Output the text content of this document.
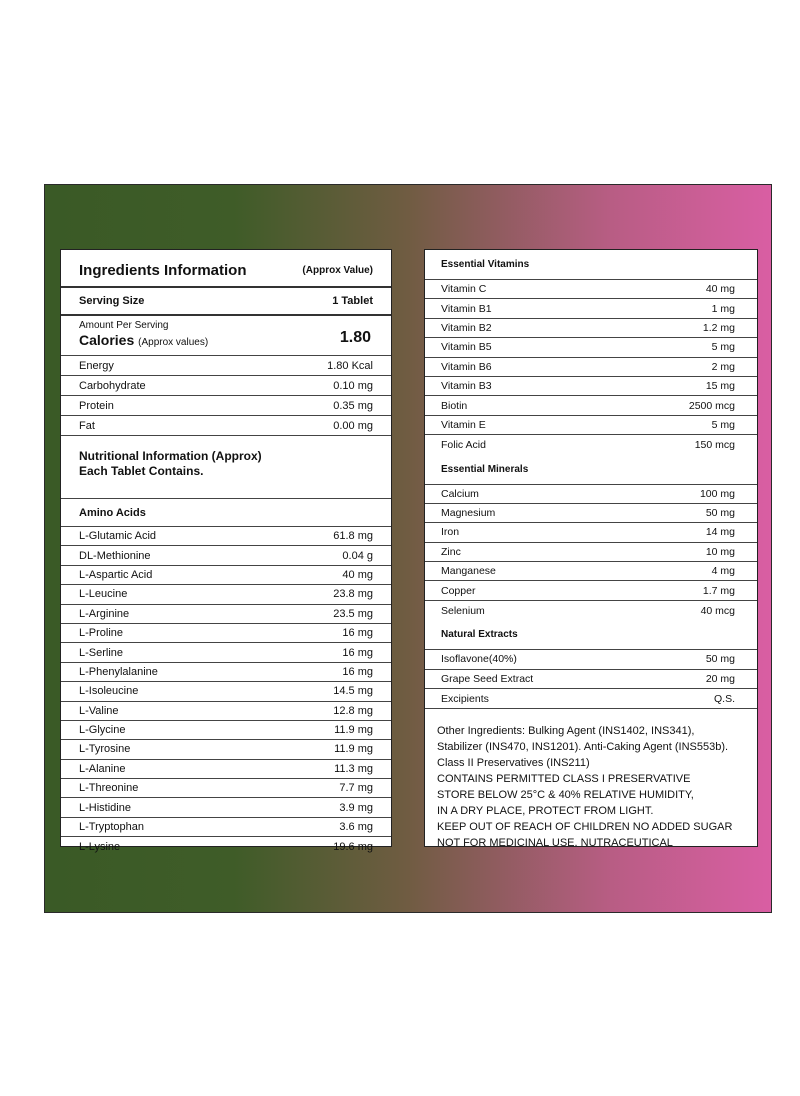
Ingredients Information	(Approx Value)
Serving Size	1 Tablet
Amount Per Serving
Calories (Approx values)	1.80
Energy	1.80 Kcal
Carbohydrate	0.10 mg
Protein	0.35 mg
Fat	0.00 mg
Nutritional Information (Approx)
Each Tablet Contains.
Amino Acids
L-Glutamic Acid	61.8 mg
DL-Methionine	0.04 g
L-Aspartic Acid	40 mg
L-Leucine	23.8 mg
L-Arginine	23.5 mg
L-Proline	16 mg
L-Serline	16 mg
L-Phenylalanine	16 mg
L-Isoleucine	14.5 mg
L-Valine	12.8 mg
L-Glycine	11.9 mg
L-Tyrosine	11.9 mg
L-Alanine	11.3 mg
L-Threonine	7.7 mg
L-Histidine	3.9 mg
L-Tryptophan	3.6 mg
L-Lysine	19.6 mg
Essential Vitamins
Vitamin C	40 mg
Vitamin B1	1 mg
Vitamin B2	1.2 mg
Vitamin B5	5 mg
Vitamin B6	2 mg
Vitamin B3	15 mg
Biotin	2500 mcg
Vitamin E	5 mg
Folic Acid	150 mcg
Essential Minerals
Calcium	100 mg
Magnesium	50 mg
Iron	14 mg
Zinc	10 mg
Manganese	4 mg
Copper	1.7 mg
Selenium	40 mcg
Natural Extracts
Isoflavone(40%)	50 mg
Grape Seed Extract	20 mg
Excipients	Q.S.
Other Ingredients: Bulking Agent (INS1402, INS341),
Stabilizer (INS470, INS1201). Anti-Caking Agent (INS553b).
Class II Preservatives (INS211)
CONTAINS PERMITTED CLASS I PRESERVATIVE
STORE BELOW 25°C & 40% RELATIVE HUMIDITY,
IN A DRY PLACE, PROTECT FROM LIGHT.
KEEP OUT OF REACH OF CHILDREN NO ADDED SUGAR
NOT FOR MEDICINAL USE. NUTRACEUTICAL
